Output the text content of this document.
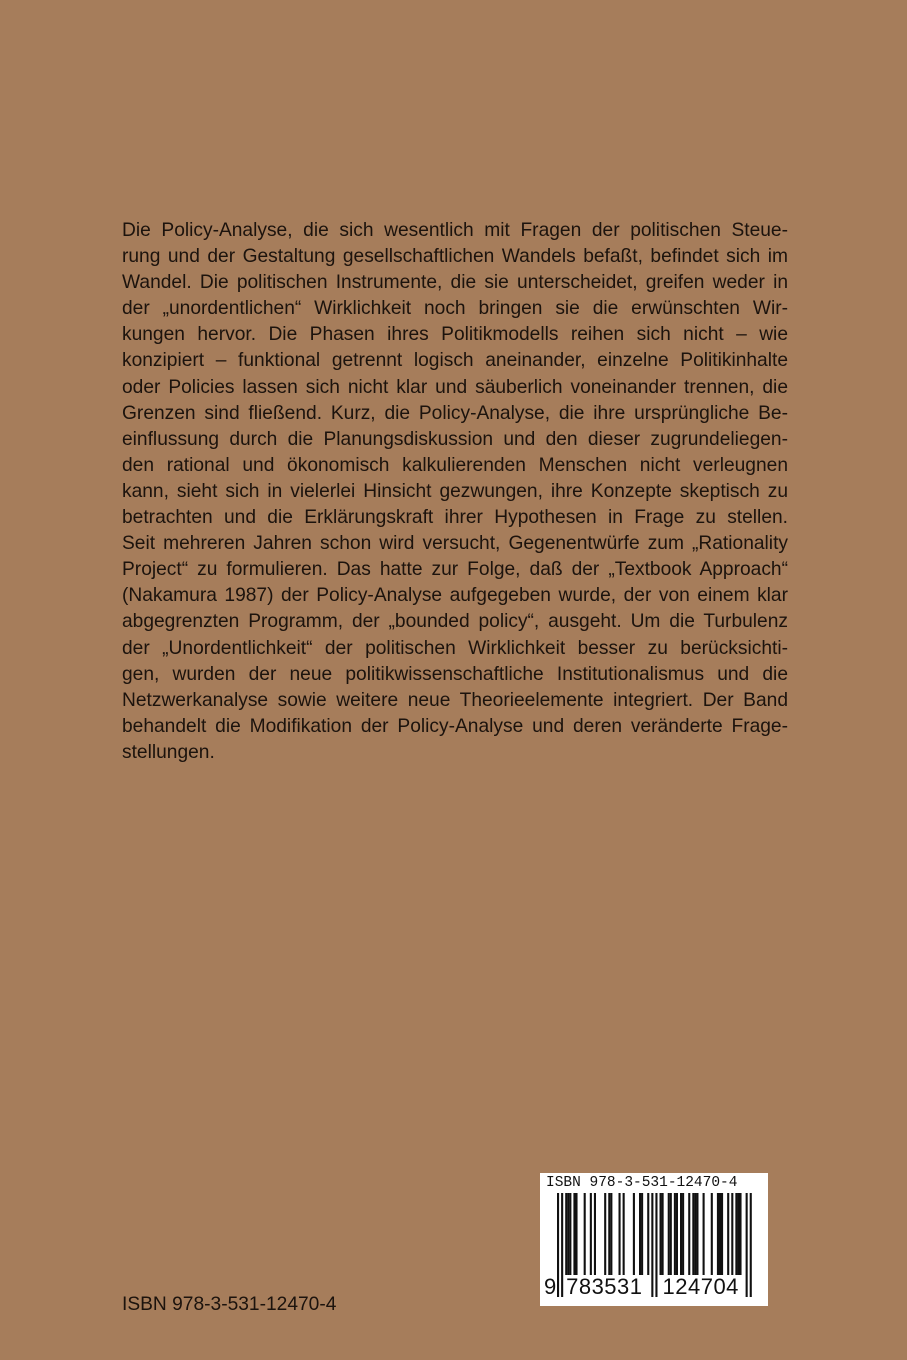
Die Policy-Analyse, die sich wesentlich mit Fragen der politischen Steue-
rung und der Gestaltung gesellschaftlichen Wandels befaßt, befindet sich im
Wandel. Die politischen Instrumente, die sie unterscheidet, greifen weder in
der „unordentlichen“ Wirklichkeit noch bringen sie die erwünschten Wir-
kungen hervor. Die Phasen ihres Politikmodells reihen sich nicht – wie
konzipiert – funktional getrennt logisch aneinander, einzelne Politikinhalte
oder Policies lassen sich nicht klar und säuberlich voneinander trennen, die
Grenzen sind fließend. Kurz, die Policy-Analyse, die ihre ursprüngliche Be-
einflussung durch die Planungsdiskussion und den dieser zugrundeliegen-
den rational und ökonomisch kalkulierenden Menschen nicht verleugnen
kann, sieht sich in vielerlei Hinsicht gezwungen, ihre Konzepte skeptisch zu
betrachten und die Erklärungskraft ihrer Hypothesen in Frage zu stellen.
Seit mehreren Jahren schon wird versucht, Gegenentwürfe zum „Rationality
Project“ zu formulieren. Das hatte zur Folge, daß der „Textbook Approach“
(Nakamura 1987) der Policy-Analyse aufgegeben wurde, der von einem klar
abgegrenzten Programm, der „bounded policy“, ausgeht. Um die Turbulenz
der „Unordentlichkeit“ der politischen Wirklichkeit besser zu berücksichti-
gen, wurden der neue politikwissenschaftliche Institutionalismus und die
Netzwerkanalyse sowie weitere neue Theorieelemente integriert. Der Band
behandelt die Modifikation der Policy-Analyse und deren veränderte Frage-
stellungen.
ISBN 978-3-531-12470-4
9 783531 124704
ISBN 978-3-531-12470-4
